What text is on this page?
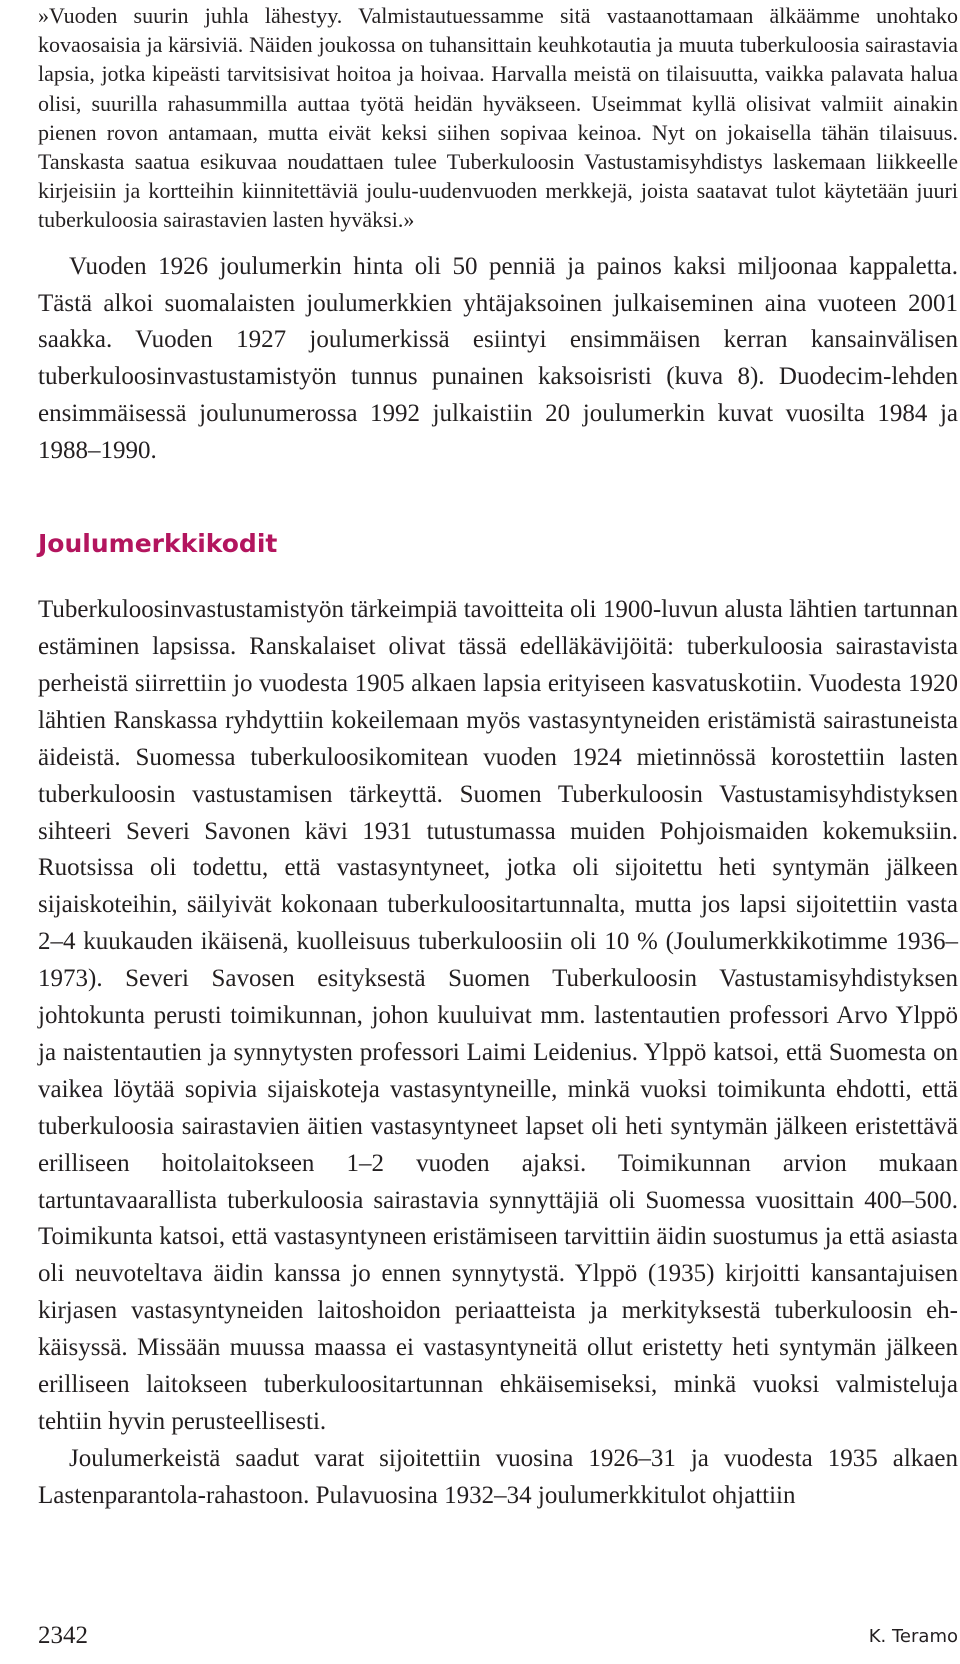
»Vuoden suurin juhla lähestyy. Valmistautuessamme sitä vastaanottamaan älkäämme unohtako kovaosaisia ja kärsiviä. Näiden joukossa on tuhansittain keuhkotautia ja muuta tuberkuloosia sairastavia lapsia, jotka kipeästi tarvitsisivat hoitoa ja hoivaa. Harvalla meistä on tilaisuutta, vaikka palavata halua olisi, suurilla rahasummilla auttaa työtä heidän hyväkseen. Useimmat kyllä olisivat valmiit ainakin pienen rovon antamaan, mutta eivät keksi siihen sopivaa keinoa. Nyt on jokaisella tähän tilaisuus. Tanskasta saatua esikuvaa noudattaen tulee Tuberkuloosin Vastustamisyhdistys laskemaan liikkeelle kirjeisiin ja kortteihin kiinnitettäviä joulu-uudenvuoden merkkejä, joista saatavat tulot käytetään juuri tuberkuloosia sairastavien lasten hyväksi.»

Vuoden 1926 joulumerkin hinta oli 50 penniä ja painos kaksi miljoonaa kappaletta. Tästä alkoi suomalaisten joulumerkkien yhtäjaksoinen julkaiseminen aina vuoteen 2001 saakka. Vuoden 1927 joulumerkissä esiintyi ensimmäisen kerran kansainvälisen tuberkuloosinvastustamistyön tunnus punainen kaksoisristi (kuva 8). Duodecim-lehden ensimmäisessä joulunumerossa 1992 julkaistiin 20 joulumerkin kuvat vuosilta 1984 ja 1988–1990.

Joulumerkkikodit

Tuberkuloosinvastustamistyön tärkeimpiä tavoitteita oli 1900-luvun alusta lähtien tartunnan estäminen lapsissa. Ranskalaiset olivat tässä edelläkävijöitä: tuberkuloosia sairastavista perheistä siirrettiin jo vuodesta 1905 alkaen lapsia erityiseen kasvatuskotiin. Vuodesta 1920 lähtien Ranskassa ryhdyttiin kokeilemaan myös vastasyntyneiden eristämistä sairastuneista äideistä. Suomessa tuberkuloosikomitean vuoden 1924 mietinnössä korostettiin lasten tuberkuloosin vastustamisen tärkeyttä. Suomen Tuberkuloosin Vastustamisyhdistyksen sihteeri Severi Savonen kävi 1931 tutustumassa muiden Pohjoismaiden kokemuksiin. Ruotsissa oli todettu, että vastasyntyneet, jotka oli sijoitettu heti syntymän jälkeen sijaiskoteihin, säilyivät kokonaan tuberkuloositartunnalta, mutta jos lapsi sijoitettiin vasta 2–4 kuukauden ikäisenä, kuolleisuus tuberkuloosiin oli 10 % (Joulumerkkikotimme 1936–1973). Severi Savosen esityksestä Suomen Tuberkuloosin Vastustamisyhdistyksen johtokunta perusti toimikunnan, johon kuuluivat mm. lastentautien professori Arvo Ylppö ja naistentautien ja synnytysten professori Laimi Leidenius. Ylppö katsoi, että Suomesta on vaikea löytää sopivia sijaiskoteja vastasyntyneille, minkä vuoksi toimikunta ehdotti, että tuberkuloosia sairastavien äitien vastasyntyneet lapset oli heti syntymän jälkeen eristettävä erilliseen hoitolaitokseen 1–2 vuoden ajaksi. Toimikunnan arvion mukaan tartuntavaarallista tuberkuloosia sairastavia synnyttäjiä oli Suomessa vuosittain 400–500. Toimikunta katsoi, että vastasyntyneen eristämiseen tarvittiin äidin suostumus ja että asiasta oli neuvoteltava äidin kanssa jo ennen synnytystä. Ylppö (1935) kirjoitti kansantajuisen kirjasen vastasyntyneiden laitoshoidon periaatteista ja merkityksestä tuberkuloosin ehkäisyssä. Missään muussa maassa ei vastasyntyneitä ollut eristetty heti syntymän jälkeen erilliseen laitokseen tuberkuloositartunnan ehkäisemiseksi, minkä vuoksi valmisteluja tehtiin hyvin perusteellisesti.

Joulumerkeistä saadut varat sijoitettiin vuosina 1926–31 ja vuodesta 1935 alkaen Lastenparantola-rahastoon. Pulavuosina 1932–34 joulumerkkitulot ohjattiin

2342	K. Teramo
